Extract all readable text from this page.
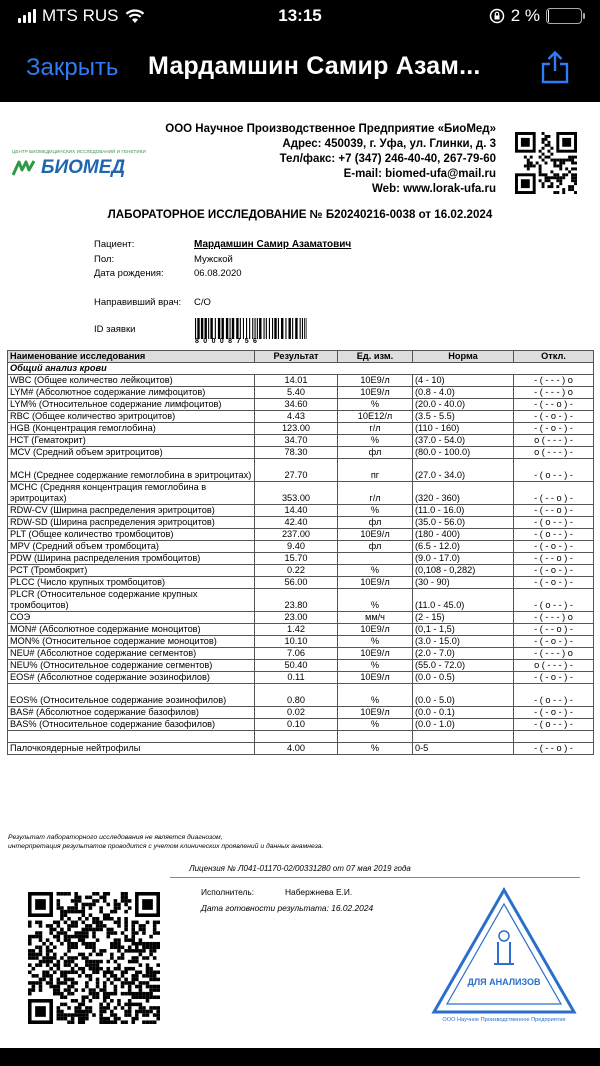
MTS RUS	13:15	2 %
Закрыть Мардамшин Самир Азам...
ООО Научное Производственное Предприятие «БиоМед»
Адрес: 450039, г. Уфа, ул. Глинки, д. 3
Тел/факс: +7 (347) 246-40-40, 267-79-60
E-mail: biomed-ufa@mail.ru
Web: www.lorak-ufa.ru
ЦЕНТР БИОМЕДИЦИНСКИХ ИССЛЕДОВАНИЙ И ГЕНЕТИКИ
БИОМЕД
ЛАБОРАТОРНОЕ ИССЛЕДОВАНИЕ № Б20240216-0038 от 16.02.2024
Пациент:	Мардамшин Самир Азаматович
Пол:	Мужской
Дата рождения:	06.08.2020
Направивший врач: С/О
ID заявки
80008756
Наименование исследования	Результат	Ед. изм.	Норма	Откл.
Общий анализ крови				
WBC (Общее количество лейкоцитов)	14.01	10E9/л	(4 - 10)	- ( - - - ) о
LYM# (Абсолютное содержание лимфоцитов)	5.40	10E9/л	(0.8 - 4.0)	- ( - - - ) о
LYM% (Относительное содержание лимфоцитов)	34.60	%	(20.0 - 40.0)	- ( - - о ) -
RBC (Общее количество эритроцитов)	4.43	10E12/л	(3.5 - 5.5)	- ( - о - ) -
HGB (Концентрация гемоглобина)	123.00	г/л	(110 - 160)	- ( - о - ) -
HCT (Гематокрит)	34.70	%	(37.0 - 54.0)	о ( - - - ) -
MCV (Средний объем эритроцитов)	78.30	фл	(80.0 - 100.0)	о ( - - - ) -
MCH (Среднее содержание гемоглобина в эритроцитах)	27.70	пг	(27.0 - 34.0)	- ( о - - ) -
MCHC (Средняя концентрация гемоглобина в эритроцитах)	353.00	г/л	(320 - 360)	- ( - - о ) -
RDW-CV (Ширина распределения эритроцитов)	14.40	%	(11.0 - 16.0)	- ( - - о ) -
RDW-SD (Ширина распределения эритроцитов)	42.40	фл	(35.0 - 56.0)	- ( о - - ) -
PLT (Общее количество тромбоцитов)	237.00	10E9/л	(180 - 400)	- ( о - - ) -
MPV (Средний объем тромбоцита)	9.40	фл	(6.5 - 12.0)	- ( - о - ) -
PDW (Ширина распределения тромбоцитов)	15.70		(9.0 - 17.0)	- ( - - о ) -
PCT (Тромбокрит)	0.22	%	(0,108 - 0,282)	- ( - о - ) -
PLCC (Число крупных тромбоцитов)	56.00	10E9/л	(30 - 90)	- ( - о - ) -
PLCR (Относительное содержание крупных тромбоцитов)	23.80	%	(11.0 - 45.0)	- ( о - - ) -
СОЭ	23.00	мм/ч	(2 - 15)	- ( - - - ) о
MON# (Абсолютное содержание моноцитов)	1.42	10E9/л	(0,1 - 1,5)	- ( - - о ) -
MON% (Относительное содержание моноцитов)	10.10	%	(3.0 - 15.0)	- ( - о - ) -
NEU# (Абсолютное содержание сегментов)	7.06	10E9/л	(2.0 - 7.0)	- ( - - - ) о
NEU% (Относительное содержание сегментов)	50.40	%	(55.0 - 72.0)	о ( - - - ) -
EOS# (Абсолютное содержание эозинофилов)	0.11	10E9/л	(0.0 - 0.5)	- ( - о - ) -
EOS% (Относительное содержание эозинофилов)	0.80	%	(0.0 - 5.0)	- ( о - - ) -
BAS# (Абсолютное содержание базофилов)	0.02	10E9/л	(0.0 - 0.1)	- ( - о - ) -
BAS% (Относительное содержание базофилов)	0.10	%	(0.0 - 1.0)	- ( о - - ) -

Палочкоядерные нейтрофилы	4.00	%	0-5	- ( - - о ) -
Результат лабораторного исследования не является диагнозом,
интерпретация результатов проводится с учетом клинических проявлений и данных анамнеза.
Лицензия № Л041-01170-02/00331280 от 07 мая 2019 года
Исполнитель:	Набержнева Е.И.
Дата готовности результата: 16.02.2024
ДЛЯ АНАЛИЗОВ
ООО Научное Производственное Предприятие
